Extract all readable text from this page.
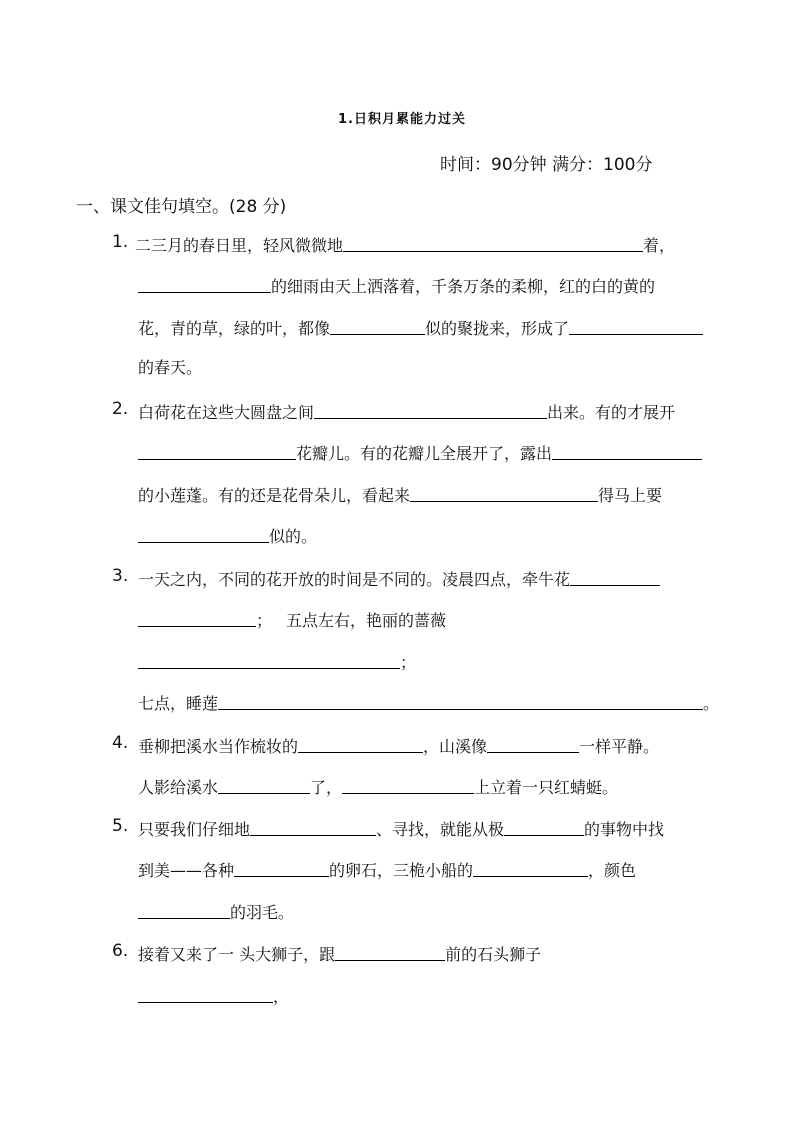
1.日积月累能力过关
时间：90分钟 满分：100分
一、课文佳句填空。(28 分)
1. 二三月的春日里，轻风微微地	着，
的细雨由天上洒落着，千条万条的柔柳，红的白的黄的
花，青的草，绿的叶，都像	似的聚拢来，形成了
的春天。
2. 白荷花在这些大圆盘之间	出来。有的才展开
花瓣儿。有的花瓣儿全展开了，露出
的小莲蓬。有的还是花骨朵儿，看起来	得马上要
似的。
3. 一天之内，不同的花开放的时间是不同的。凌晨四点，牵牛花
； 五点左右，艳丽的蔷薇
；
七点，睡莲	。
4. 垂柳把溪水当作梳妆的	，山溪像	一样平静。
人影给溪水	了，	上立着一只红蜻蜓。
5. 只要我们仔细地	、寻找，就能从极	的事物中找
到美——各种	的卵石，三桅小船的	，颜色
的羽毛。
6. 接着又来了一 头大狮子，跟	前的石头狮子
，
